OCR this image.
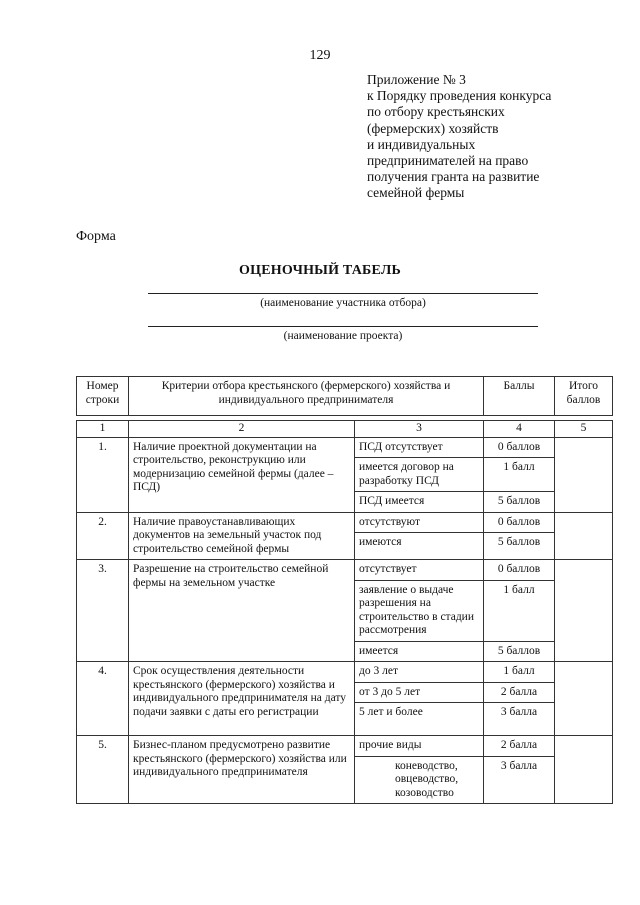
129
Приложение № 3
к Порядку проведения конкурса
по отбору крестьянских
(фермерских) хозяйств
и индивидуальных
предпринимателей на право
получения гранта на развитие
семейной фермы
Форма
ОЦЕНОЧНЫЙ ТАБЕЛЬ
(наименование участника отбора)
(наименование проекта)
Номер строки	Критерии отбора крестьянского (фермерского) хозяйства и индивидуального предпринимателя		Баллы	Итого баллов

1	2	3	4	5
1.	Наличие проектной документации на строительство, реконструкцию или модернизацию семейной фермы (далее – ПСД)	ПСД отсутствует	0 баллов	
		имеется договор на разработку ПСД	1 балл	
		ПСД имеется	5 баллов	
2.	Наличие правоустанавливающих документов на земельный участок под строительство семейной фермы	отсутствуют	0 баллов	
		имеются	5 баллов	
3.	Разрешение на строительство семейной фермы на земельном участке	отсутствует	0 баллов	
		заявление о выдаче разрешения на строительство в стадии рассмотрения	1 балл	
		имеется	5 баллов	
4.	Срок осуществления деятельности крестьянского (фермерского) хозяйства и индивидуального предпринимателя на дату подачи заявки с даты его регистрации	до 3 лет	1 балл	
		от 3 до 5 лет	2 балла	
		5 лет и более	3 балла	
5.	Бизнес-планом предусмотрено развитие крестьянского (фермерского) хозяйства или индивидуального предпринимателя	прочие виды	2 балла	
		коневодство, овцеводство, козоводство	3 балла	
